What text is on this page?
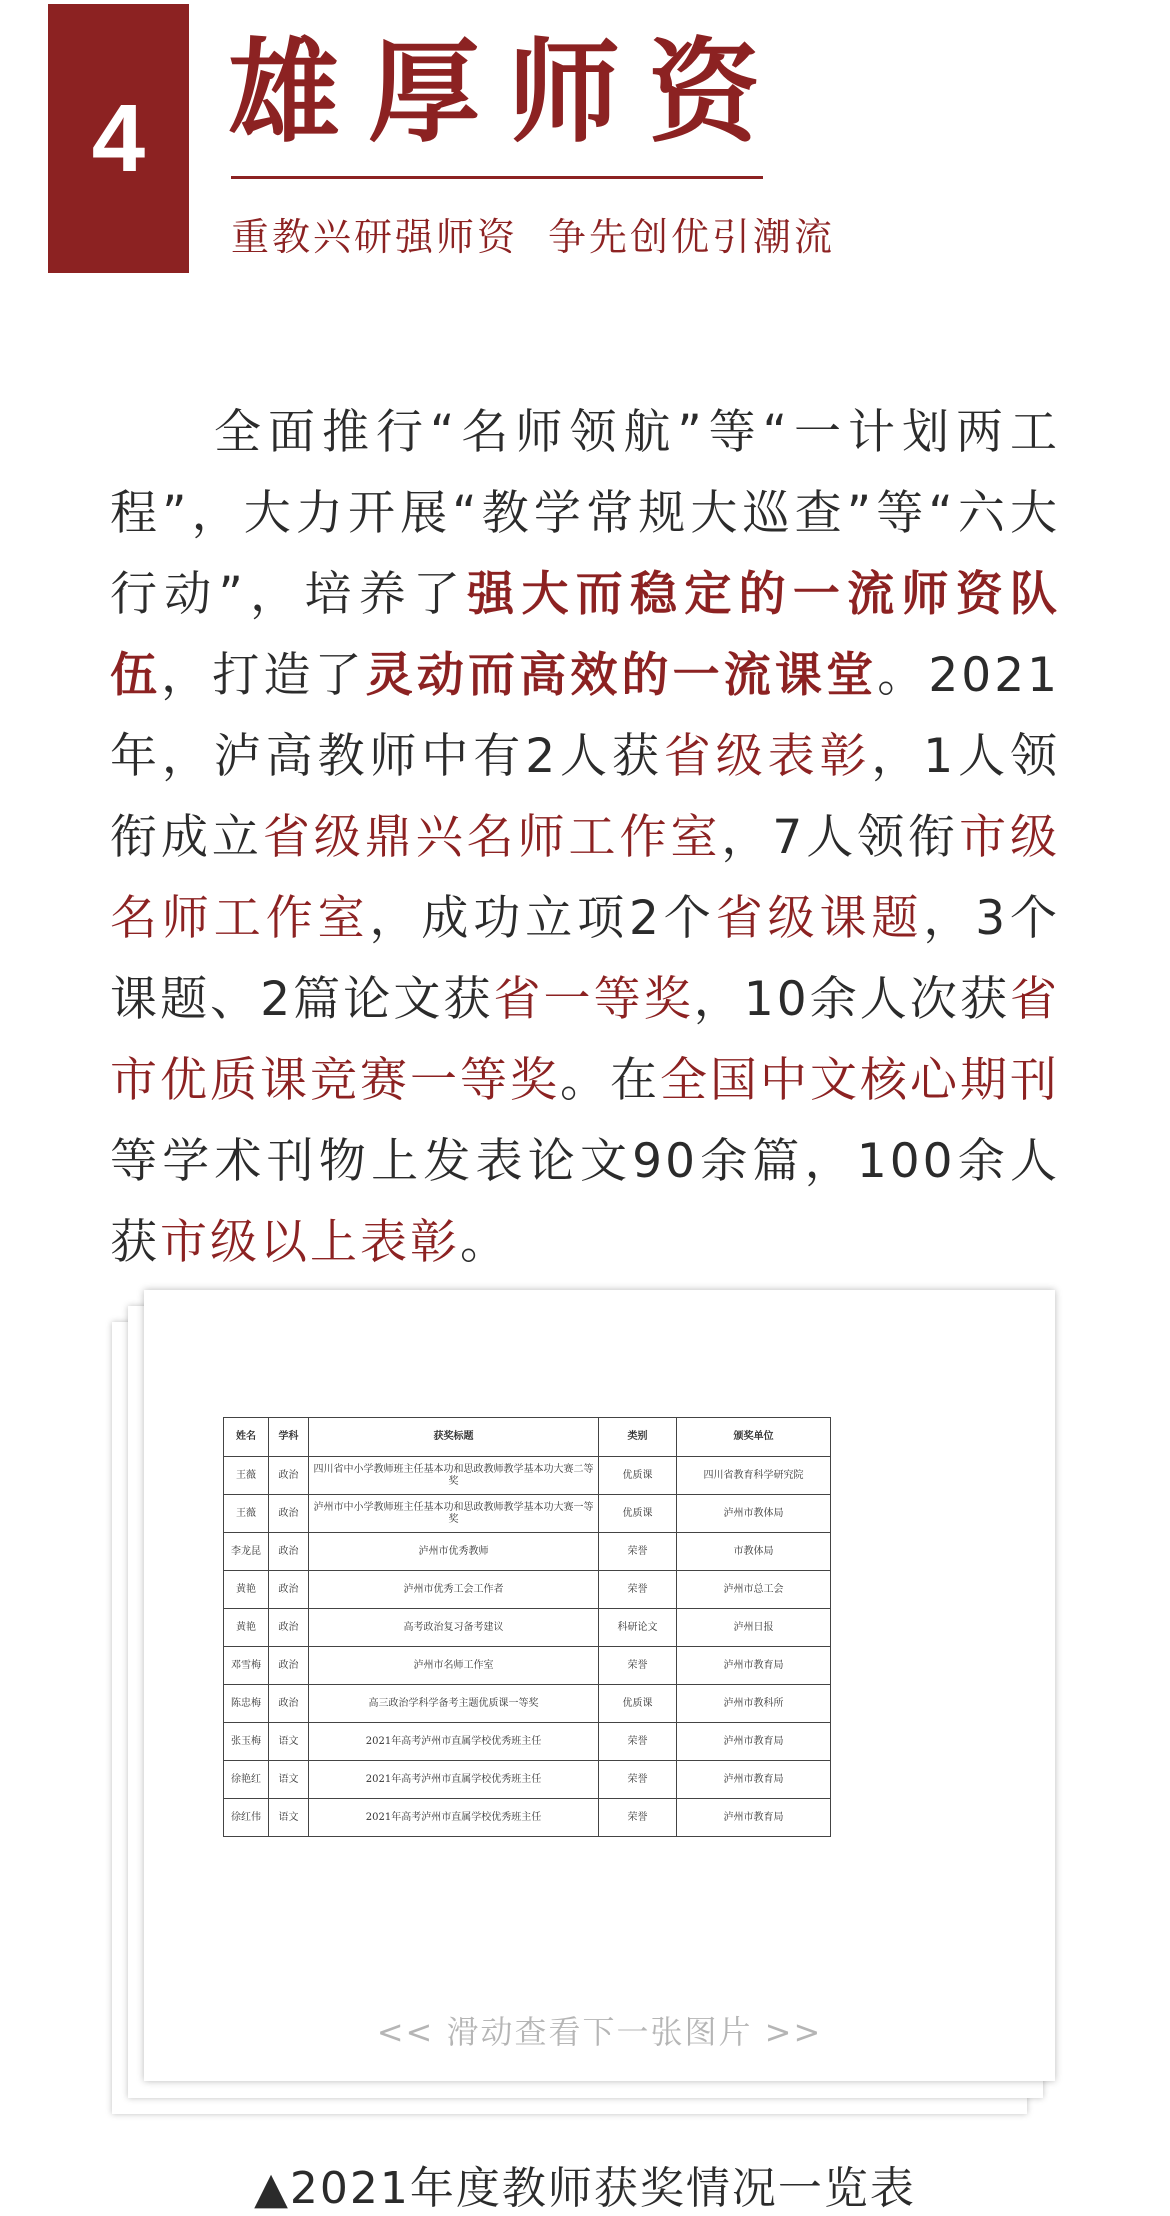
4 雄厚师资
重教兴研强师资 争先创优引潮流

全面推行“名师领航”等“一计划两工程”，大力开展“教学常规大巡查”等“六大行动”，培养了强大而稳定的一流师资队伍，打造了灵动而高效的一流课堂。2021年，泸高教师中有2人获省级表彰，1人领衔成立省级鼎兴名师工作室，7人领衔市级名师工作室，成功立项2个省级课题，3个课题、2篇论文获省一等奖，10余人次获省市优质课竞赛一等奖。在全国中文核心期刊等学术刊物上发表论文90余篇，100余人获市级以上表彰。

姓名	学科	获奖标题	类别	颁奖单位
王薇	政治	四川省中小学教师班主任基本功和思政教师教学基本功大赛二等奖	优质课	四川省教育科学研究院
王薇	政治	泸州市中小学教师班主任基本功和思政教师教学基本功大赛一等奖	优质课	泸州市教体局
李龙昆	政治	泸州市优秀教师	荣誉	市教体局
黄艳	政治	泸州市优秀工会工作者	荣誉	泸州市总工会
黄艳	政治	高考政治复习备考建议	科研论文	泸州日报
邓雪梅	政治	泸州市名师工作室	荣誉	泸州市教育局
陈忠梅	政治	高三政治学科学备考主题优质课一等奖	优质课	泸州市教科所
张玉梅	语文	2021年高考泸州市直属学校优秀班主任	荣誉	泸州市教育局
徐艳红	语文	2021年高考泸州市直属学校优秀班主任	荣誉	泸州市教育局
徐红伟	语文	2021年高考泸州市直属学校优秀班主任	荣誉	泸州市教育局
<< 滑动查看下一张图片 >>
▲2021年度教师获奖情况一览表
